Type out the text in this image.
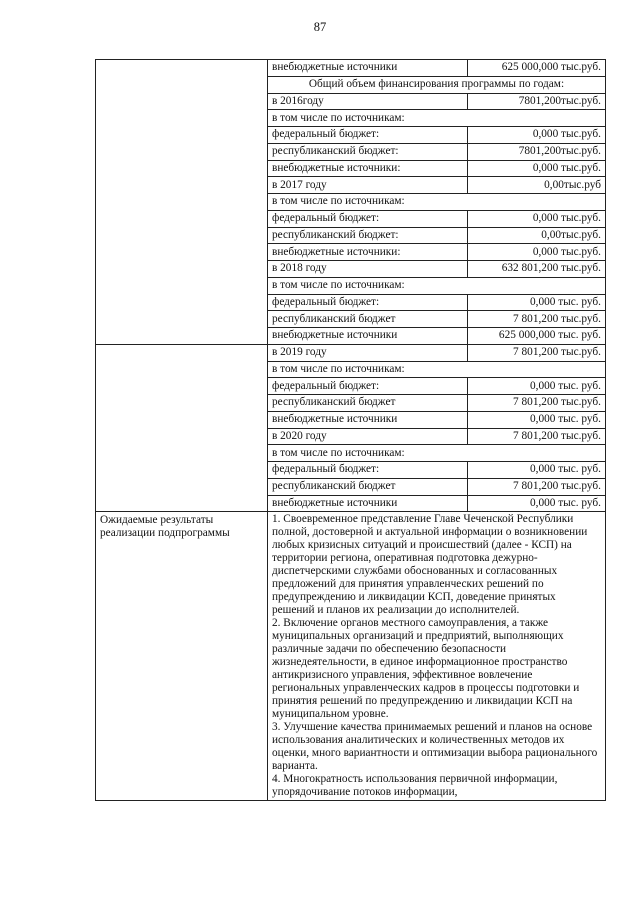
87
	внебюджетные источники	625 000,000 тыс.руб.
	Общий объем финансирования программы по годам:	
	в 2016году	7801,200тыс.руб.
	в том числе по источникам:	
	федеральный бюджет:	0,000 тыс.руб.
	республиканский бюджет:	7801,200тыс.руб.
	внебюджетные источники:	0,000 тыс.руб.
	в 2017 году	0,00тыс.руб
	в том числе по источникам:	
	федеральный бюджет:	0,000 тыс.руб.
	республиканский бюджет:	0,00тыс.руб.
	внебюджетные источники:	0,000 тыс.руб.
	в 2018 году	632 801,200 тыс.руб.
	в том числе по источникам:	
	федеральный бюджет:	0,000 тыс. руб.
	республиканский бюджет	7 801,200 тыс.руб.
	внебюджетные источники	625 000,000 тыс. руб.
	в 2019 году	7 801,200 тыс.руб.
	в том числе по источникам:	
	федеральный бюджет:	0,000 тыс. руб.
	республиканский бюджет	7 801,200 тыс.руб.
	внебюджетные источники	0,000 тыс. руб.
	в 2020 году	7 801,200 тыс.руб.
	в том числе по источникам:	
	федеральный бюджет:	0,000 тыс. руб.
	республиканский бюджет	7 801,200 тыс.руб.
	внебюджетные источники	0,000 тыс. руб.
Ожидаемые результаты реализации подпрограммы	1. Своевременное представление Главе Чеченской Республики полной, достоверной и актуальной информации о возникновении любых кризисных ситуаций и происшествий (далее - КСП) на территории региона, оперативная подготовка дежурно-диспетчерскими службами обоснованных и согласованных предложений для принятия управленческих решений по предупреждению и ликвидации КСП, доведение принятых решений и планов их реализации до исполнителей.

2. Включение органов местного самоуправления, а также муниципальных организаций и предприятий, выполняющих различные задачи по обеспечению безопасности жизнедеятельности, в единое информационное пространство антикризисного управления, эффективное вовлечение региональных управленческих кадров в процессы подготовки и принятия решений по предупреждению и ликвидации КСП на муниципальном уровне.

3. Улучшение качества принимаемых решений и планов на основе использования аналитических и количественных методов их оценки, много вариантности и оптимизации выбора рационального варианта.

4. Многократность использования первичной информации, упорядочивание потоков информации,	
